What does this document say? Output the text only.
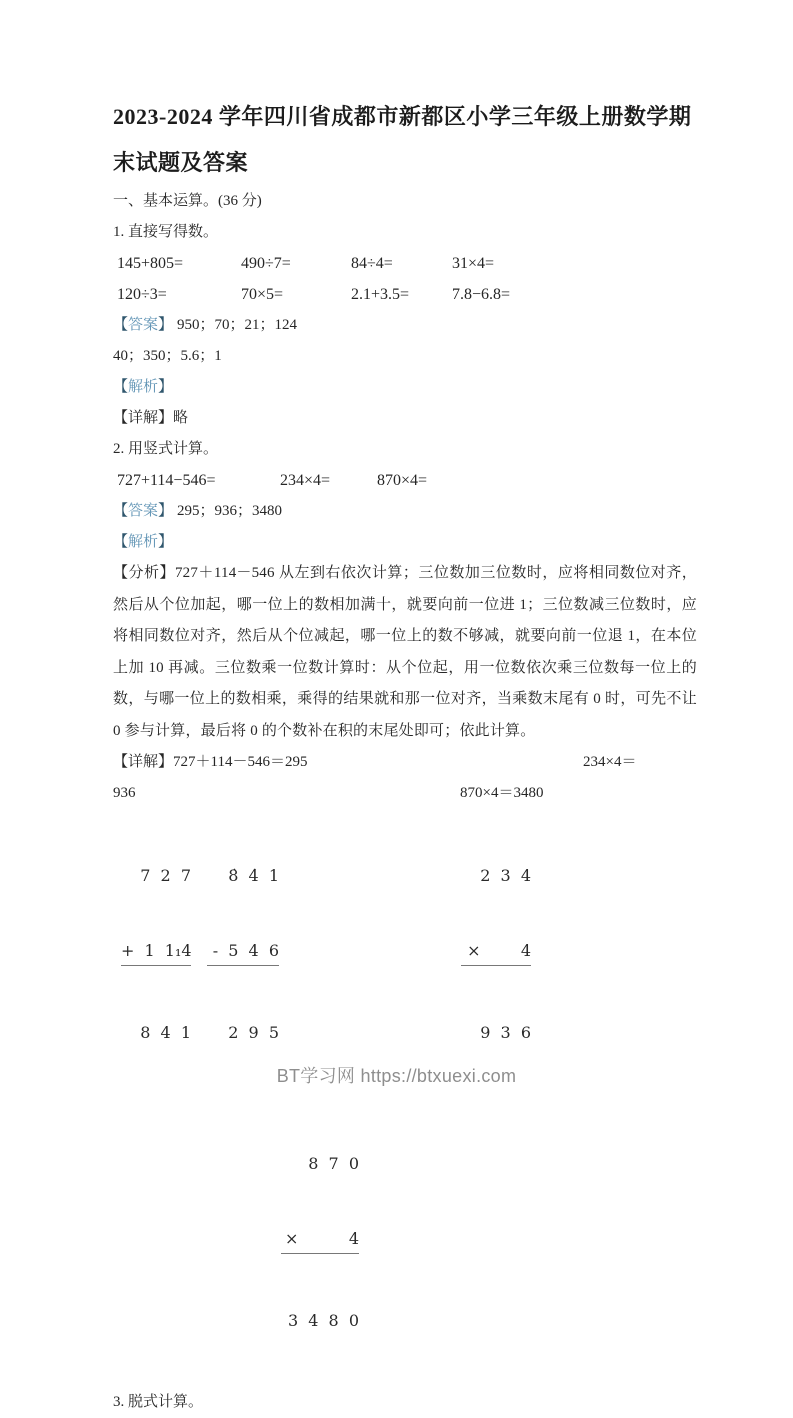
2023-2024 学年四川省成都市新都区小学三年级上册数学期
末试题及答案
一、基本运算。(36 分)
1. 直接写得数。
145+805=	490÷7=	84÷4=	31×4=
120÷3=	70×5=	2.1+3.5=	7.8−6.8=
【答案】 950；70；21；124
40；350；5.6；1
【解析】
【详解】略
2. 用竖式计算。
727+114−546=	234×4=	870×4=
【答案】 295；936；3480
【解析】
【分析】727＋114－546 从左到右依次计算；三位数加三位数时，应将相同数位对齐，然后从个位加起，哪一位上的数相加满十，就要向前一位进 1；三位数减三位数时，应将相同数位对齐，然后从个位减起，哪一位上的数不够减，就要向前一位退 1，在本位上加 10 再减。三位数乘一位数计算时：从个位起，用一位数依次乘三位数每一位上的数，与哪一位上的数相乘，乘得的结果就和那一位对齐，当乘数末尾有 0 时，可先不让 0 参与计算，最后将 0 的个数补在积的末尾处即可；依此计算。
【详解】727＋114－546＝295	234×4＝
936	870×4＝3480

7 2 7

+ 1 1₁4

8 4 1

8̇ 4̇ 1

- 5 4 6

2 9 5

2 3 4

×    4

9 3 6

8 7 0

×     4

3 4 8 0

3. 脱式计算。
BT学习网 https://btxuexi.com
